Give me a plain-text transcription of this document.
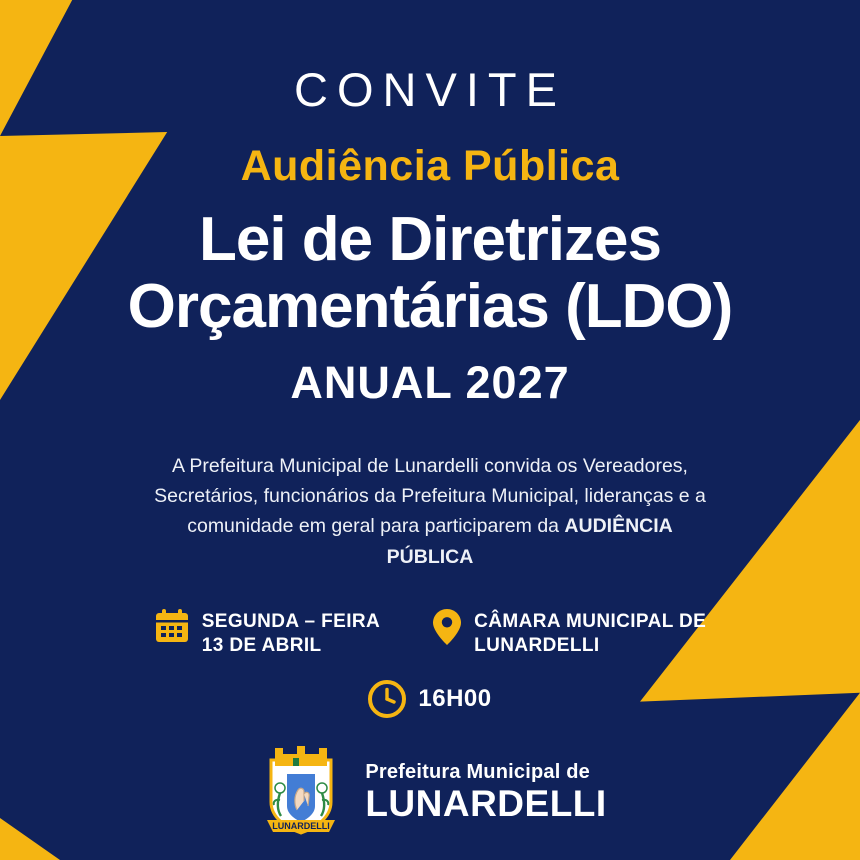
CONVITE
Audiência Pública
Lei de Diretrizes
Orçamentárias (LDO)
ANUAL 2027
A Prefeitura Municipal de Lunardelli convida os Vereadores, Secretários, funcionários da Prefeitura Municipal, lideranças e a comunidade em geral para participarem da AUDIÊNCIA PÚBLICA
SEGUNDA – FEIRA
13 DE ABRIL
CÂMARA MUNICIPAL DE
LUNARDELLI
16H00
LUNARDELLI
Prefeitura Municipal de
LUNARDELLI
